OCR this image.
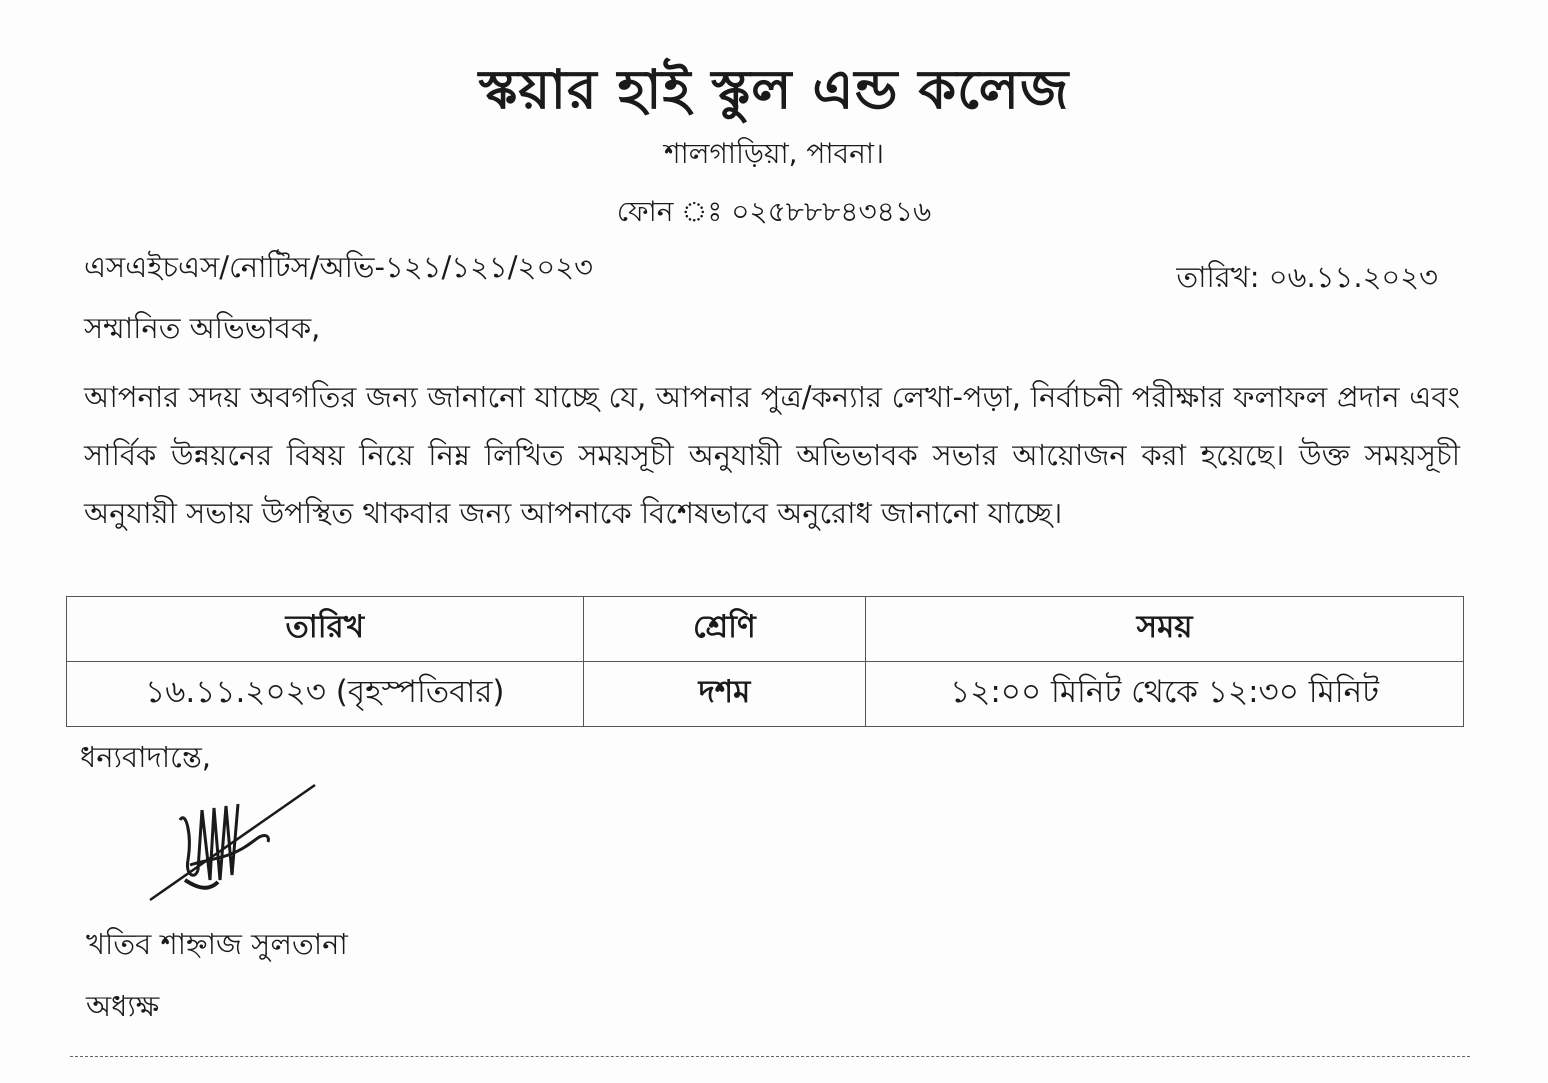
স্কয়ার হাই স্কুল এন্ড কলেজ
শালগাড়িয়া, পাবনা।
ফোন ঃ ০২৫৮৮৮৪৩৪১৬
এসএইচএস/নোটিস/অভি-১২১/১২১/২০২৩	তারিখ: ০৬.১১.২০২৩
সম্মানিত অভিভাবক,
আপনার সদয় অবগতির জন্য জানানো যাচ্ছে যে, আপনার পুত্র/কন্যার লেখা-পড়া, নির্বাচনী পরীক্ষার ফলাফল প্রদান এবং সার্বিক উন্নয়নের বিষয় নিয়ে নিম্ন লিখিত সময়সূচী অনুযায়ী অভিভাবক সভার আয়োজন করা হয়েছে। উক্ত সময়সূচী অনুযায়ী সভায় উপস্থিত থাকবার জন্য আপনাকে বিশেষভাবে অনুরোধ জানানো যাচ্ছে।
তারিখ	শ্রেণি	সময়
১৬.১১.২০২৩ (বৃহস্পতিবার)	দশম	১২:০০ মিনিট থেকে ১২:৩০ মিনিট
ধন্যবাদান্তে,
খতিব শাহ্নাজ সুলতানা
অধ্যক্ষ
